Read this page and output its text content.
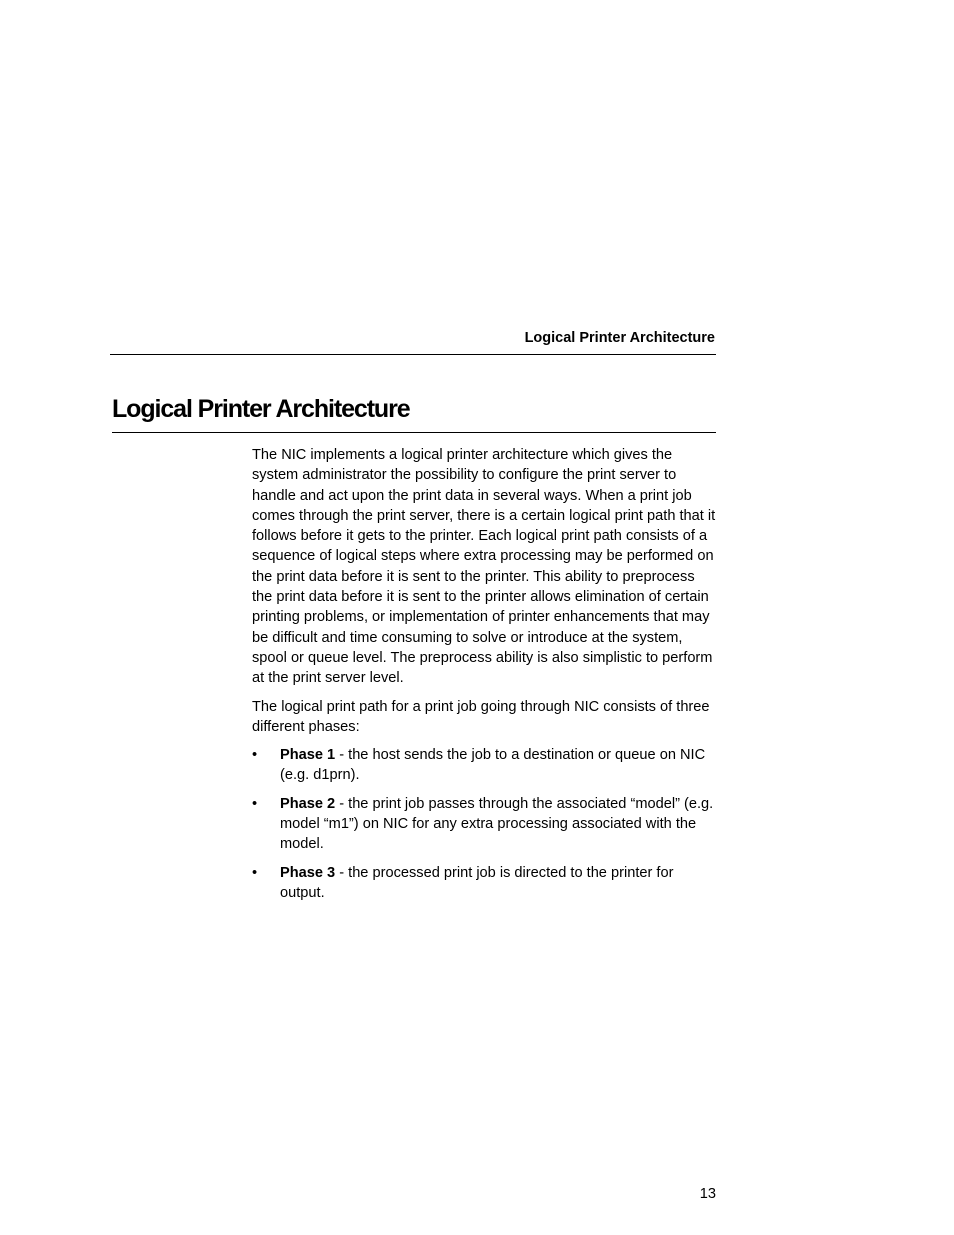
Logical Printer Architecture
Logical Printer Architecture

The NIC implements a logical printer architecture which gives the system administrator the possibility to configure the print server to handle and act upon the print data in several ways. When a print job comes through the print server, there is a certain logical print path that it follows before it gets to the printer. Each logical print path consists of a sequence of logical steps where extra processing may be performed on the print data before it is sent to the printer. This ability to preprocess the print data before it is sent to the printer allows elimination of certain printing problems, or implementation of printer enhancements that may be difficult and time consuming to solve or introduce at the system, spool or queue level. The preprocess ability is also simplistic to perform at the print server level.

The logical print path for a print job going through NIC consists of three different phases:

• Phase 1 - the host sends the job to a destination or queue on NIC (e.g. d1prn).
• Phase 2 - the print job passes through the associated “model” (e.g. model “m1”) on NIC for any extra processing associated with the model.
• Phase 3 - the processed print job is directed to the printer for output.
13
